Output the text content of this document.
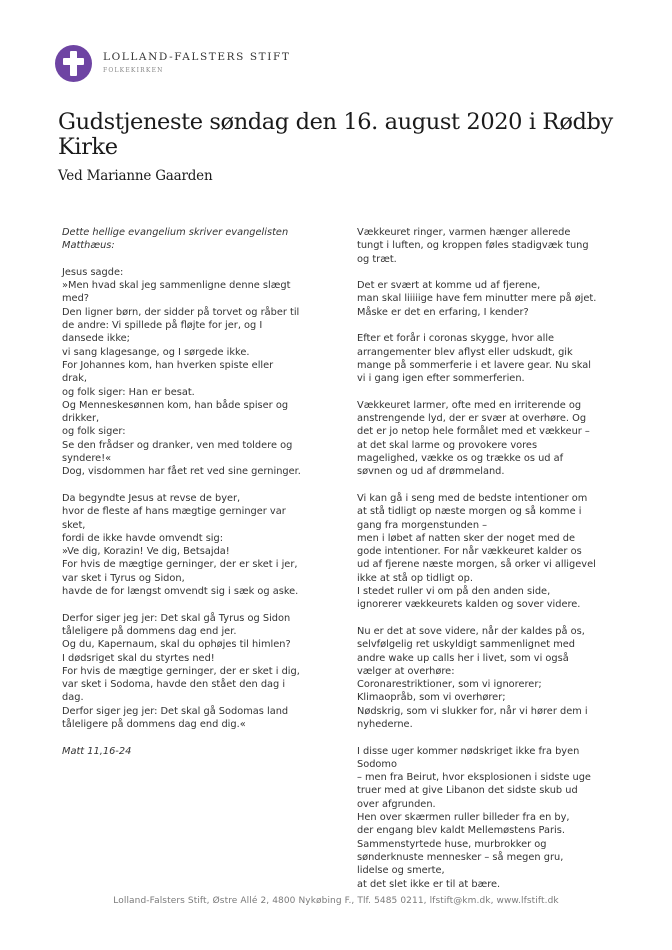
LOLLAND-FALSTERS STIFT
FOLKEKIRKEN
Gudstjeneste søndag den 16. august 2020 i Rødby Kirke
Ved Marianne Gaarden
Dette hellige evangelium skriver evangelisten
Matthæus:
Jesus sagde:
»Men hvad skal jeg sammenligne denne slægt
med?
Den ligner børn, der sidder på torvet og råber til
de andre: Vi spillede på fløjte for jer, og I
dansede ikke;
vi sang klagesange, og I sørgede ikke.
For Johannes kom, han hverken spiste eller
drak,
og folk siger: Han er besat.
Og Menneskesønnen kom, han både spiser og
drikker,
og folk siger:
Se den frådser og dranker, ven med toldere og
syndere!«
Dog, visdommen har fået ret ved sine gerninger.
Da begyndte Jesus at revse de byer,
hvor de fleste af hans mægtige gerninger var
sket,
fordi de ikke havde omvendt sig:
»Ve dig, Korazin! Ve dig, Betsajda!
For hvis de mægtige gerninger, der er sket i jer,
var sket i Tyrus og Sidon,
havde de for længst omvendt sig i sæk og aske.
Derfor siger jeg jer: Det skal gå Tyrus og Sidon
tåleligere på dommens dag end jer.
Og du, Kapernaum, skal du ophøjes til himlen?
I dødsriget skal du styrtes ned!
For hvis de mægtige gerninger, der er sket i dig,
var sket i Sodoma, havde den stået den dag i
dag.
Derfor siger jeg jer: Det skal gå Sodomas land
tåleligere på dommens dag end dig.«
Matt 11,16-24
Vækkeuret ringer, varmen hænger allerede
tungt i luften, og kroppen føles stadigvæk tung
og træt.
Det er svært at komme ud af fjerene,
man skal liiiiige have fem minutter mere på øjet.
Måske er det en erfaring, I kender?
Efter et forår i coronas skygge, hvor alle
arrangementer blev aflyst eller udskudt, gik
mange på sommerferie i et lavere gear. Nu skal
vi i gang igen efter sommerferien.
Vækkeuret larmer, ofte med en irriterende og
anstrengende lyd, der er svær at overhøre. Og
det er jo netop hele formålet med et vækkeur –
at det skal larme og provokere vores
magelighed, vække os og trække os ud af
søvnen og ud af drømmeland.
Vi kan gå i seng med de bedste intentioner om
at stå tidligt op næste morgen og så komme i
gang fra morgenstunden –
men i løbet af natten sker der noget med de
gode intentioner. For når vækkeuret kalder os
ud af fjerene næste morgen, så orker vi alligevel
ikke at stå op tidligt op.
I stedet ruller vi om på den anden side,
ignorerer vækkeurets kalden og sover videre.
Nu er det at sove videre, når der kaldes på os,
selvfølgelig ret uskyldigt sammenlignet med
andre wake up calls her i livet, som vi også
vælger at overhøre:
Coronarestriktioner, som vi ignorerer;
Klimaopråb, som vi overhører;
Nødskrig, som vi slukker for, når vi hører dem i
nyhederne.
I disse uger kommer nødskriget ikke fra byen
Sodomo
– men fra Beirut, hvor eksplosionen i sidste uge
truer med at give Libanon det sidste skub ud
over afgrunden.
Hen over skærmen ruller billeder fra en by,
der engang blev kaldt Mellemøstens Paris.
Sammenstyrtede huse, murbrokker og
sønderknuste mennesker – så megen gru,
lidelse og smerte,
at det slet ikke er til at bære.
Lolland-Falsters Stift, Østre Allé 2, 4800 Nykøbing F., Tlf. 5485 0211, lfstift@km.dk, www.lfstift.dk
